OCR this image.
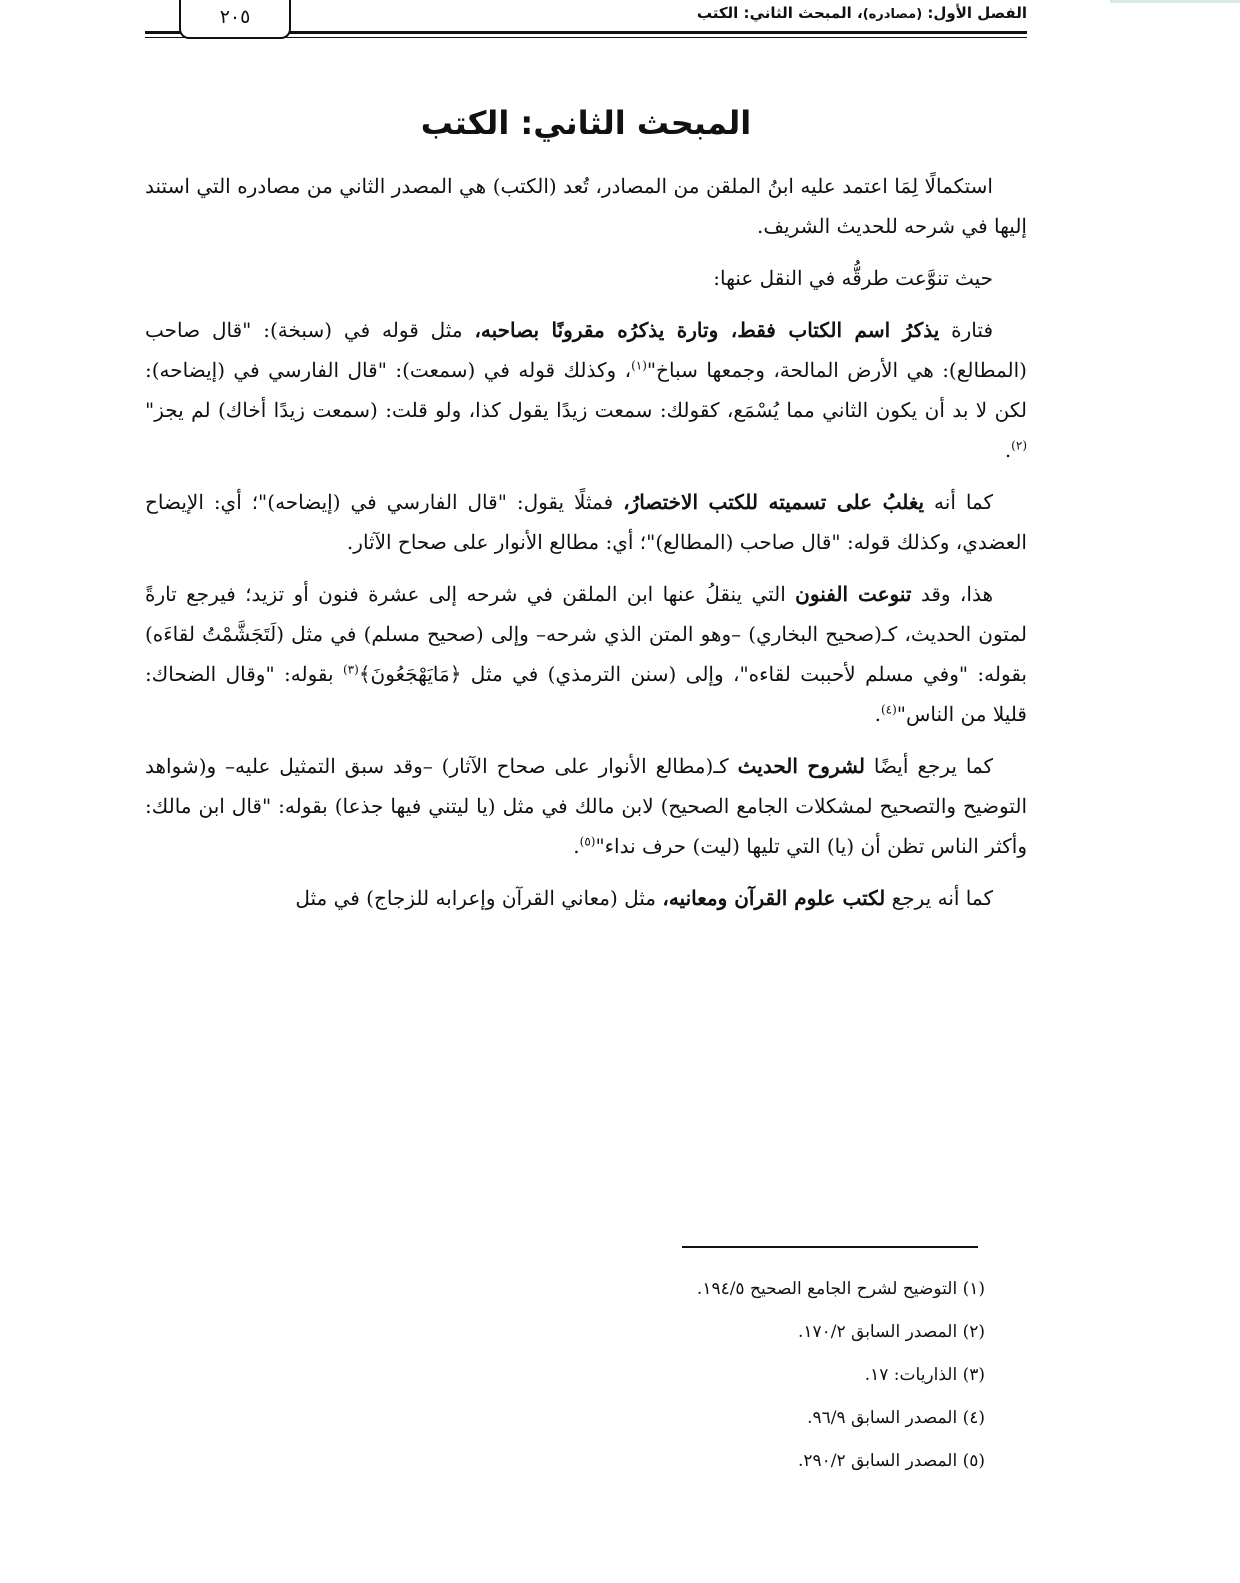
الفصل الأول: (مصادره)، المبحث الثاني: الكتب
٢٠٥
المبحث الثاني: الكتب

استكمالًا لِمَا اعتمد عليه ابنُ الملقن من المصادر، تُعد (الكتب) هي المصدر الثاني من مصادره التي استند إليها في شرحه للحديث الشريف.

حيث تنوَّعت طرقُّه في النقل عنها:

فتارة يذكرُ اسم الكتاب فقط، وتارة يذكرُه مقرونًا بصاحبه، مثل قوله في (سبخة): "قال صاحب (المطالع): هي الأرض المالحة، وجمعها سباخ"$^{(١)}$، وكذلك قوله في (سمعت): "قال الفارسي في (إيضاحه): لكن لا بد أن يكون الثاني مما يُسْمَع، كقولك: سمعت زيدًا يقول كذا، ولو قلت: (سمعت زيدًا أخاك) لم يجز"$^{(٢)}$.

كما أنه يغلبُ على تسميته للكتب الاختصارُ، فمثلًا يقول: "قال الفارسي في (إيضاحه)"؛ أي: الإيضاح العضدي، وكذلك قوله: "قال صاحب (المطالع)"؛ أي: مطالع الأنوار على صحاح الآثار.

هذا، وقد تنوعت الفنون التي ينقلُ عنها ابن الملقن في شرحه إلى عشرة فنون أو تزيد؛ فيرجع تارةً لمتون الحديث، كـ(صحيح البخاري) –وهو المتن الذي شرحه– وإلى (صحيح مسلم) في مثل (لَتَجَشَّمْتُ لقاءَه) بقوله: "وفي مسلم لأحببت لقاءه"، وإلى (سنن الترمذي) في مثل ﴿مَايَهْجَعُونَ﴾$^{(٣)}$ بقوله: "وقال الضحاك: قليلا من الناس"$^{(٤)}$.

كما يرجع أيضًا لشروح الحديث كـ(مطالع الأنوار على صحاح الآثار) –وقد سبق التمثيل عليه– و(شواهد التوضيح والتصحيح لمشكلات الجامع الصحيح) لابن مالك في مثل (يا ليتني فيها جذعا) بقوله: "قال ابن مالك: وأكثر الناس تظن أن (يا) التي تليها (ليت) حرف نداء"$^{(٥)}$.

كما أنه يرجع لكتب علوم القرآن ومعانيه، مثل (معاني القرآن وإعرابه للزجاج) في مثل

(١) التوضيح لشرح الجامع الصحيح ١٩٤/٥.
(٢) المصدر السابق ١٧٠/٢.
(٣) الذاريات: ١٧.
(٤) المصدر السابق ٩٦/٩.
(٥) المصدر السابق ٢٩٠/٢.
